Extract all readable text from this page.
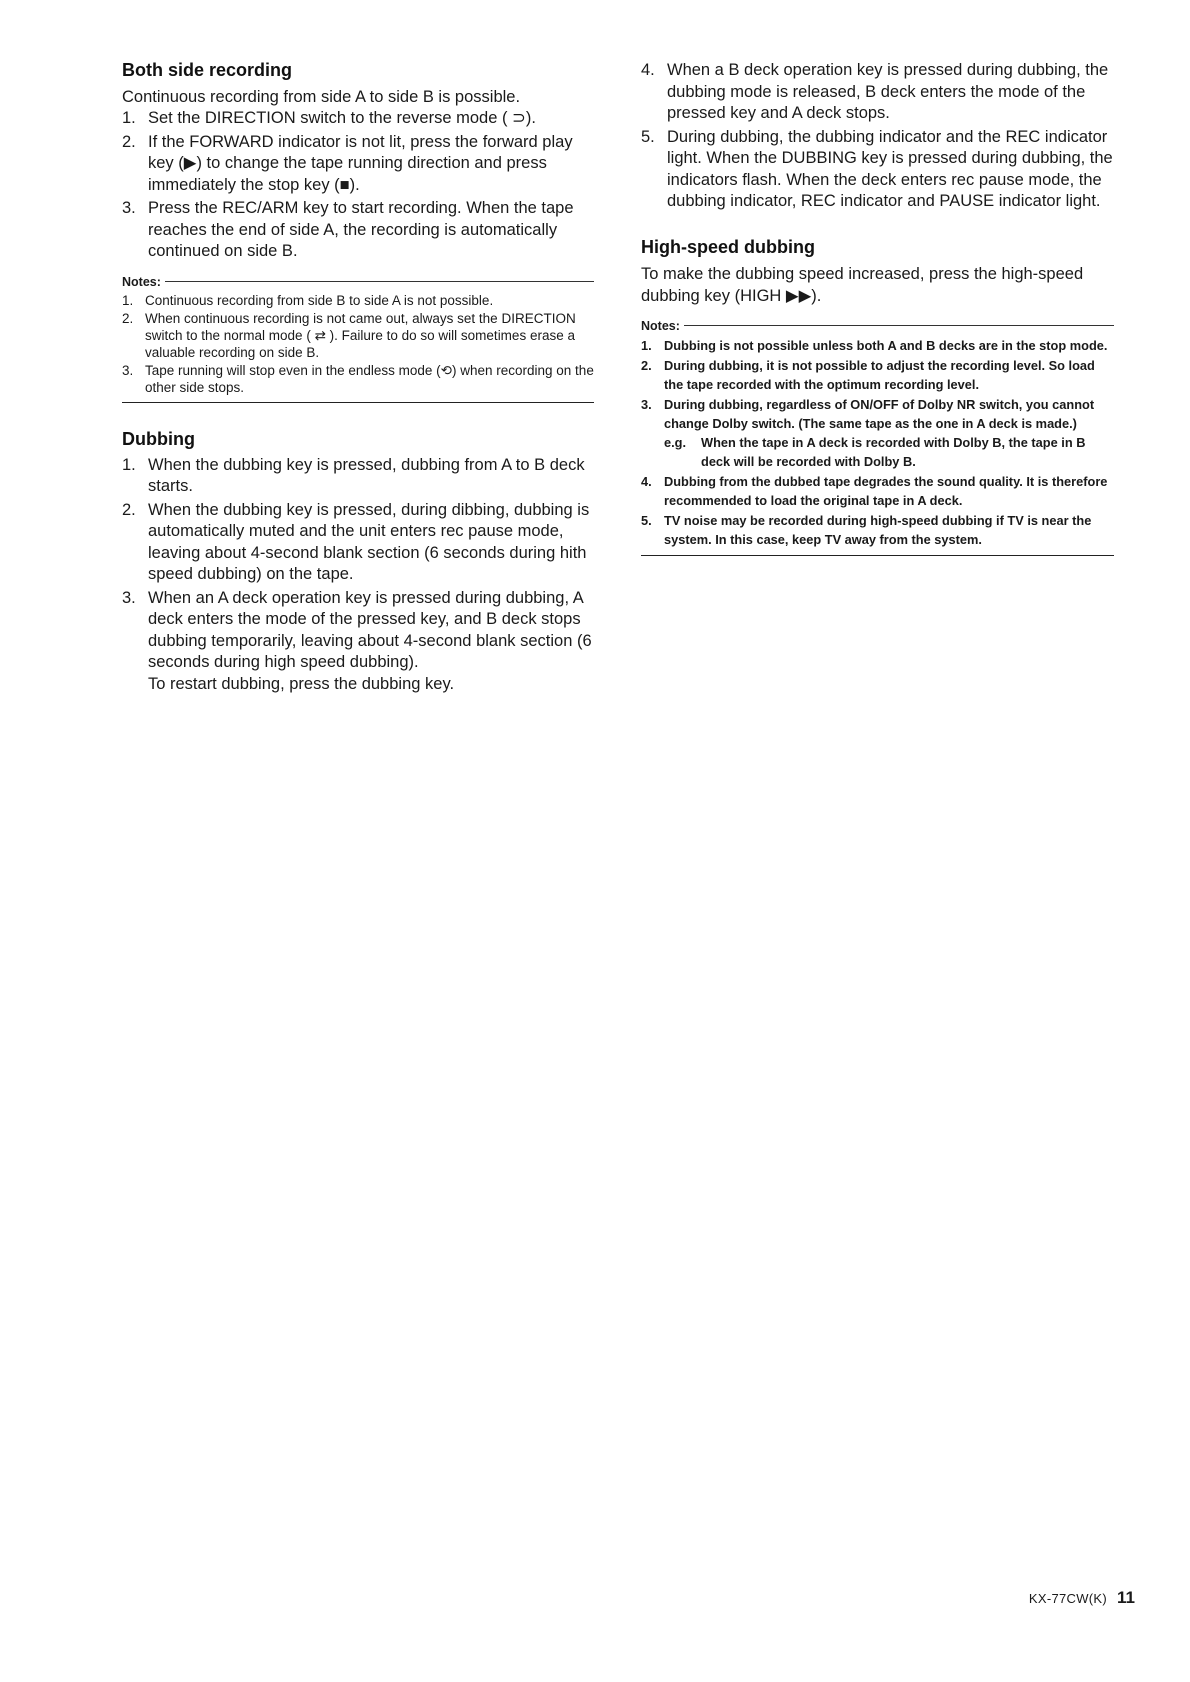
Both side recording

Continuous recording from side A to side B is possible.

1. Set the DIRECTION switch to the reverse mode ( ⊃).
2. If the FORWARD indicator is not lit, press the forward play key (▶) to change the tape running direction and press immediately the stop key (■).
3. Press the REC/ARM key to start recording. When the tape reaches the end of side A, the recording is automatically continued on side B.
Notes:
1. Continuous recording from side B to side A is not possible.
2. When continuous recording is not came out, always set the DIRECTION switch to the normal mode ( ⇄ ). Failure to do so will sometimes erase a valuable recording on side B.
3. Tape running will stop even in the endless mode (⟲) when recording on the other side stops.
Dubbing
1. When the dubbing key is pressed, dubbing from A to B deck starts.
2. When the dubbing key is pressed, during dibbing, dubbing is automatically muted and the unit enters rec pause mode, leaving about 4-second blank section (6 seconds during hith speed dubbing) on the tape.
3. When an A deck operation key is pressed during dubbing, A deck enters the mode of the pressed key, and B deck stops dubbing temporarily, leaving about 4-second blank section (6 seconds during high speed dubbing).
To restart dubbing, press the dubbing key.
4. When a B deck operation key is pressed during dubbing, the dubbing mode is released, B deck enters the mode of the pressed key and A deck stops.
5. During dubbing, the dubbing indicator and the REC indicator light. When the DUBBING key is pressed during dubbing, the indicators flash. When the deck enters rec pause mode, the dubbing indicator, REC indicator and PAUSE indicator light.
High-speed dubbing

To make the dubbing speed increased, press the high-speed dubbing key (HIGH ▶▶).

Notes:
1. Dubbing is not possible unless both A and B decks are in the stop mode.
2. During dubbing, it is not possible to adjust the recording level. So load the tape recorded with the optimum recording level.
3. During dubbing, regardless of ON/OFF of Dolby NR switch, you cannot change Dolby switch. (The same tape as the one in A deck is made.)
e.g. When the tape in A deck is recorded with Dolby B, the tape in B deck will be recorded with Dolby B.
4. Dubbing from the dubbed tape degrades the sound quality. It is therefore recommended to load the original tape in A deck.
5. TV noise may be recorded during high-speed dubbing if TV is near the system. In this case, keep TV away from the system.
KX-77CW(K) 11
